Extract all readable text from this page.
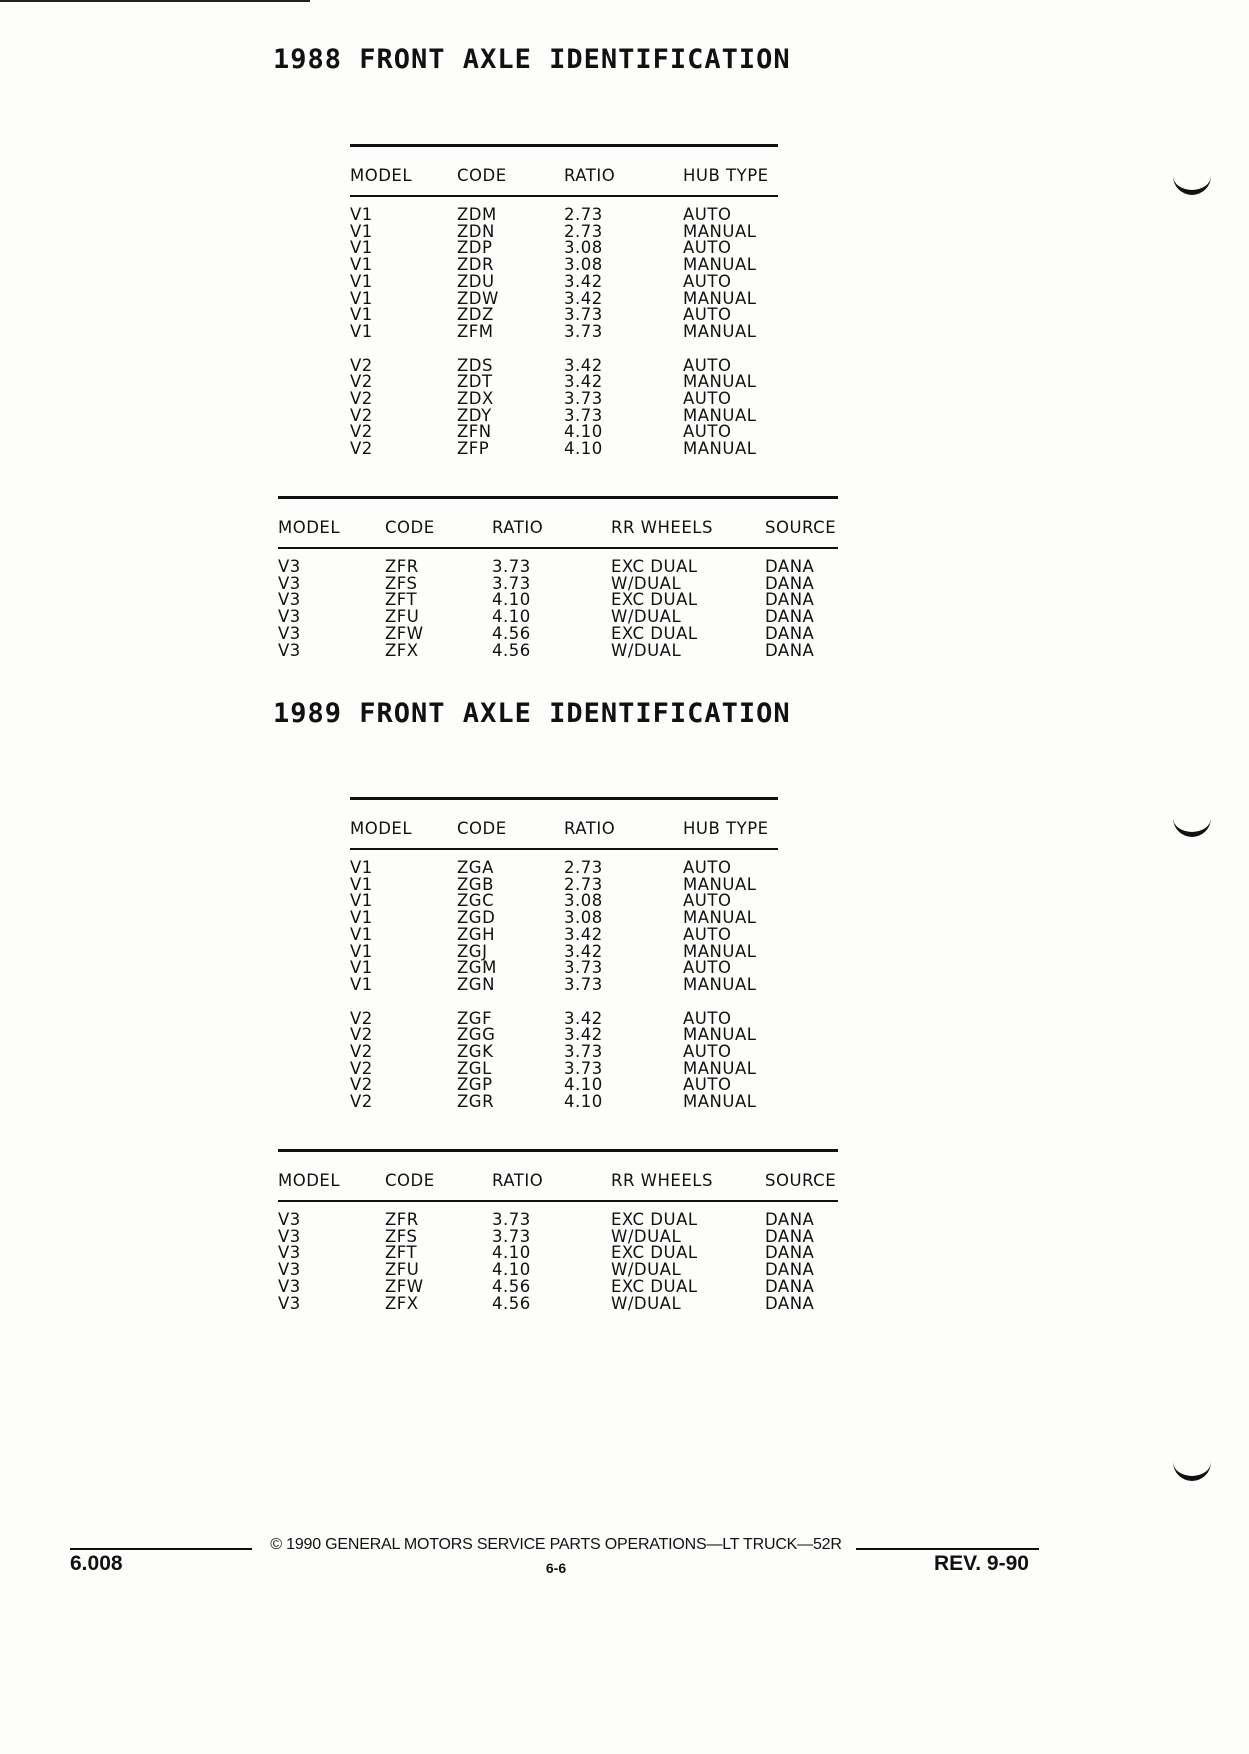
1988 FRONT AXLE IDENTIFICATION
MODEL	CODE	RATIO	HUB TYPE
V1	ZDM	2.73	AUTO
V1	ZDN	2.73	MANUAL
V1	ZDP	3.08	AUTO
V1	ZDR	3.08	MANUAL
V1	ZDU	3.42	AUTO
V1	ZDW	3.42	MANUAL
V1	ZDZ	3.73	AUTO
V1	ZFM	3.73	MANUAL
V2	ZDS	3.42	AUTO
V2	ZDT	3.42	MANUAL
V2	ZDX	3.73	AUTO
V2	ZDY	3.73	MANUAL
V2	ZFN	4.10	AUTO
V2	ZFP	4.10	MANUAL
MODEL	CODE	RATIO	RR WHEELS	SOURCE
V3	ZFR	3.73	EXC DUAL	DANA
V3	ZFS	3.73	W/DUAL	DANA
V3	ZFT	4.10	EXC DUAL	DANA
V3	ZFU	4.10	W/DUAL	DANA
V3	ZFW	4.56	EXC DUAL	DANA
V3	ZFX	4.56	W/DUAL	DANA
1989 FRONT AXLE IDENTIFICATION
MODEL	CODE	RATIO	HUB TYPE
V1	ZGA	2.73	AUTO
V1	ZGB	2.73	MANUAL
V1	ZGC	3.08	AUTO
V1	ZGD	3.08	MANUAL
V1	ZGH	3.42	AUTO
V1	ZGJ	3.42	MANUAL
V1	ZGM	3.73	AUTO
V1	ZGN	3.73	MANUAL
V2	ZGF	3.42	AUTO
V2	ZGG	3.42	MANUAL
V2	ZGK	3.73	AUTO
V2	ZGL	3.73	MANUAL
V2	ZGP	4.10	AUTO
V2	ZGR	4.10	MANUAL
MODEL	CODE	RATIO	RR WHEELS	SOURCE
V3	ZFR	3.73	EXC DUAL	DANA
V3	ZFS	3.73	W/DUAL	DANA
V3	ZFT	4.10	EXC DUAL	DANA
V3	ZFU	4.10	W/DUAL	DANA
V3	ZFW	4.56	EXC DUAL	DANA
V3	ZFX	4.56	W/DUAL	DANA
6.008
© 1990 GENERAL MOTORS SERVICE PARTS OPERATIONS—LT TRUCK—52R
6-6	REV. 9-90
